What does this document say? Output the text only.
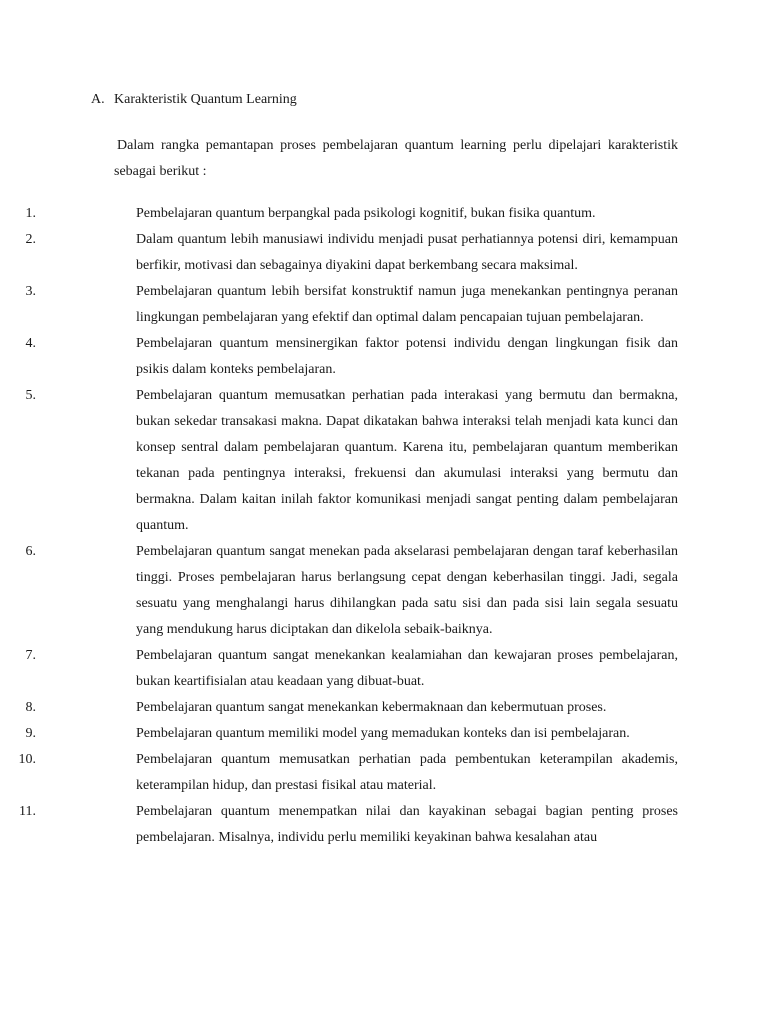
A. Karakteristik Quantum Learning

Dalam rangka pemantapan proses pembelajaran quantum learning perlu dipelajari karakteristik sebagai berikut :

1.	Pembelajaran quantum berpangkal pada psikologi kognitif, bukan fisika quantum.
2.	Dalam quantum lebih manusiawi individu menjadi pusat perhatiannya potensi diri, kemampuan berfikir, motivasi dan sebagainya diyakini dapat berkembang secara maksimal.
3.	Pembelajaran quantum lebih bersifat konstruktif namun juga menekankan pentingnya peranan lingkungan pembelajaran yang efektif dan optimal dalam pencapaian tujuan pembelajaran.
4.	Pembelajaran quantum mensinergikan faktor potensi individu dengan lingkungan fisik dan psikis dalam konteks pembelajaran.
5.	Pembelajaran quantum memusatkan perhatian pada interakasi yang bermutu dan bermakna, bukan sekedar transakasi makna. Dapat dikatakan bahwa interaksi telah menjadi kata kunci dan konsep sentral dalam pembelajaran quantum. Karena itu, pembelajaran quantum memberikan tekanan pada pentingnya interaksi, frekuensi dan akumulasi interaksi yang bermutu dan bermakna. Dalam kaitan inilah faktor komunikasi menjadi sangat penting dalam pembelajaran quantum.
6.	Pembelajaran quantum sangat menekan pada akselarasi pembelajaran dengan taraf keberhasilan tinggi. Proses pembelajaran harus berlangsung cepat dengan keberhasilan tinggi. Jadi, segala sesuatu yang menghalangi harus dihilangkan pada satu sisi dan pada sisi lain segala sesuatu yang mendukung harus diciptakan dan dikelola sebaik-baiknya.
7.	Pembelajaran quantum sangat menekankan kealamiahan dan kewajaran proses pembelajaran, bukan keartifisialan atau keadaan yang dibuat-buat.
8.	Pembelajaran quantum sangat menekankan kebermaknaan dan kebermutuan proses.
9.	Pembelajaran quantum memiliki model yang memadukan konteks dan isi pembelajaran.
10.	Pembelajaran quantum memusatkan perhatian pada pembentukan keterampilan akademis, keterampilan hidup, dan prestasi fisikal atau material.
11.	Pembelajaran quantum menempatkan nilai dan kayakinan sebagai bagian penting proses pembelajaran. Misalnya, individu perlu memiliki keyakinan bahwa kesalahan atau
